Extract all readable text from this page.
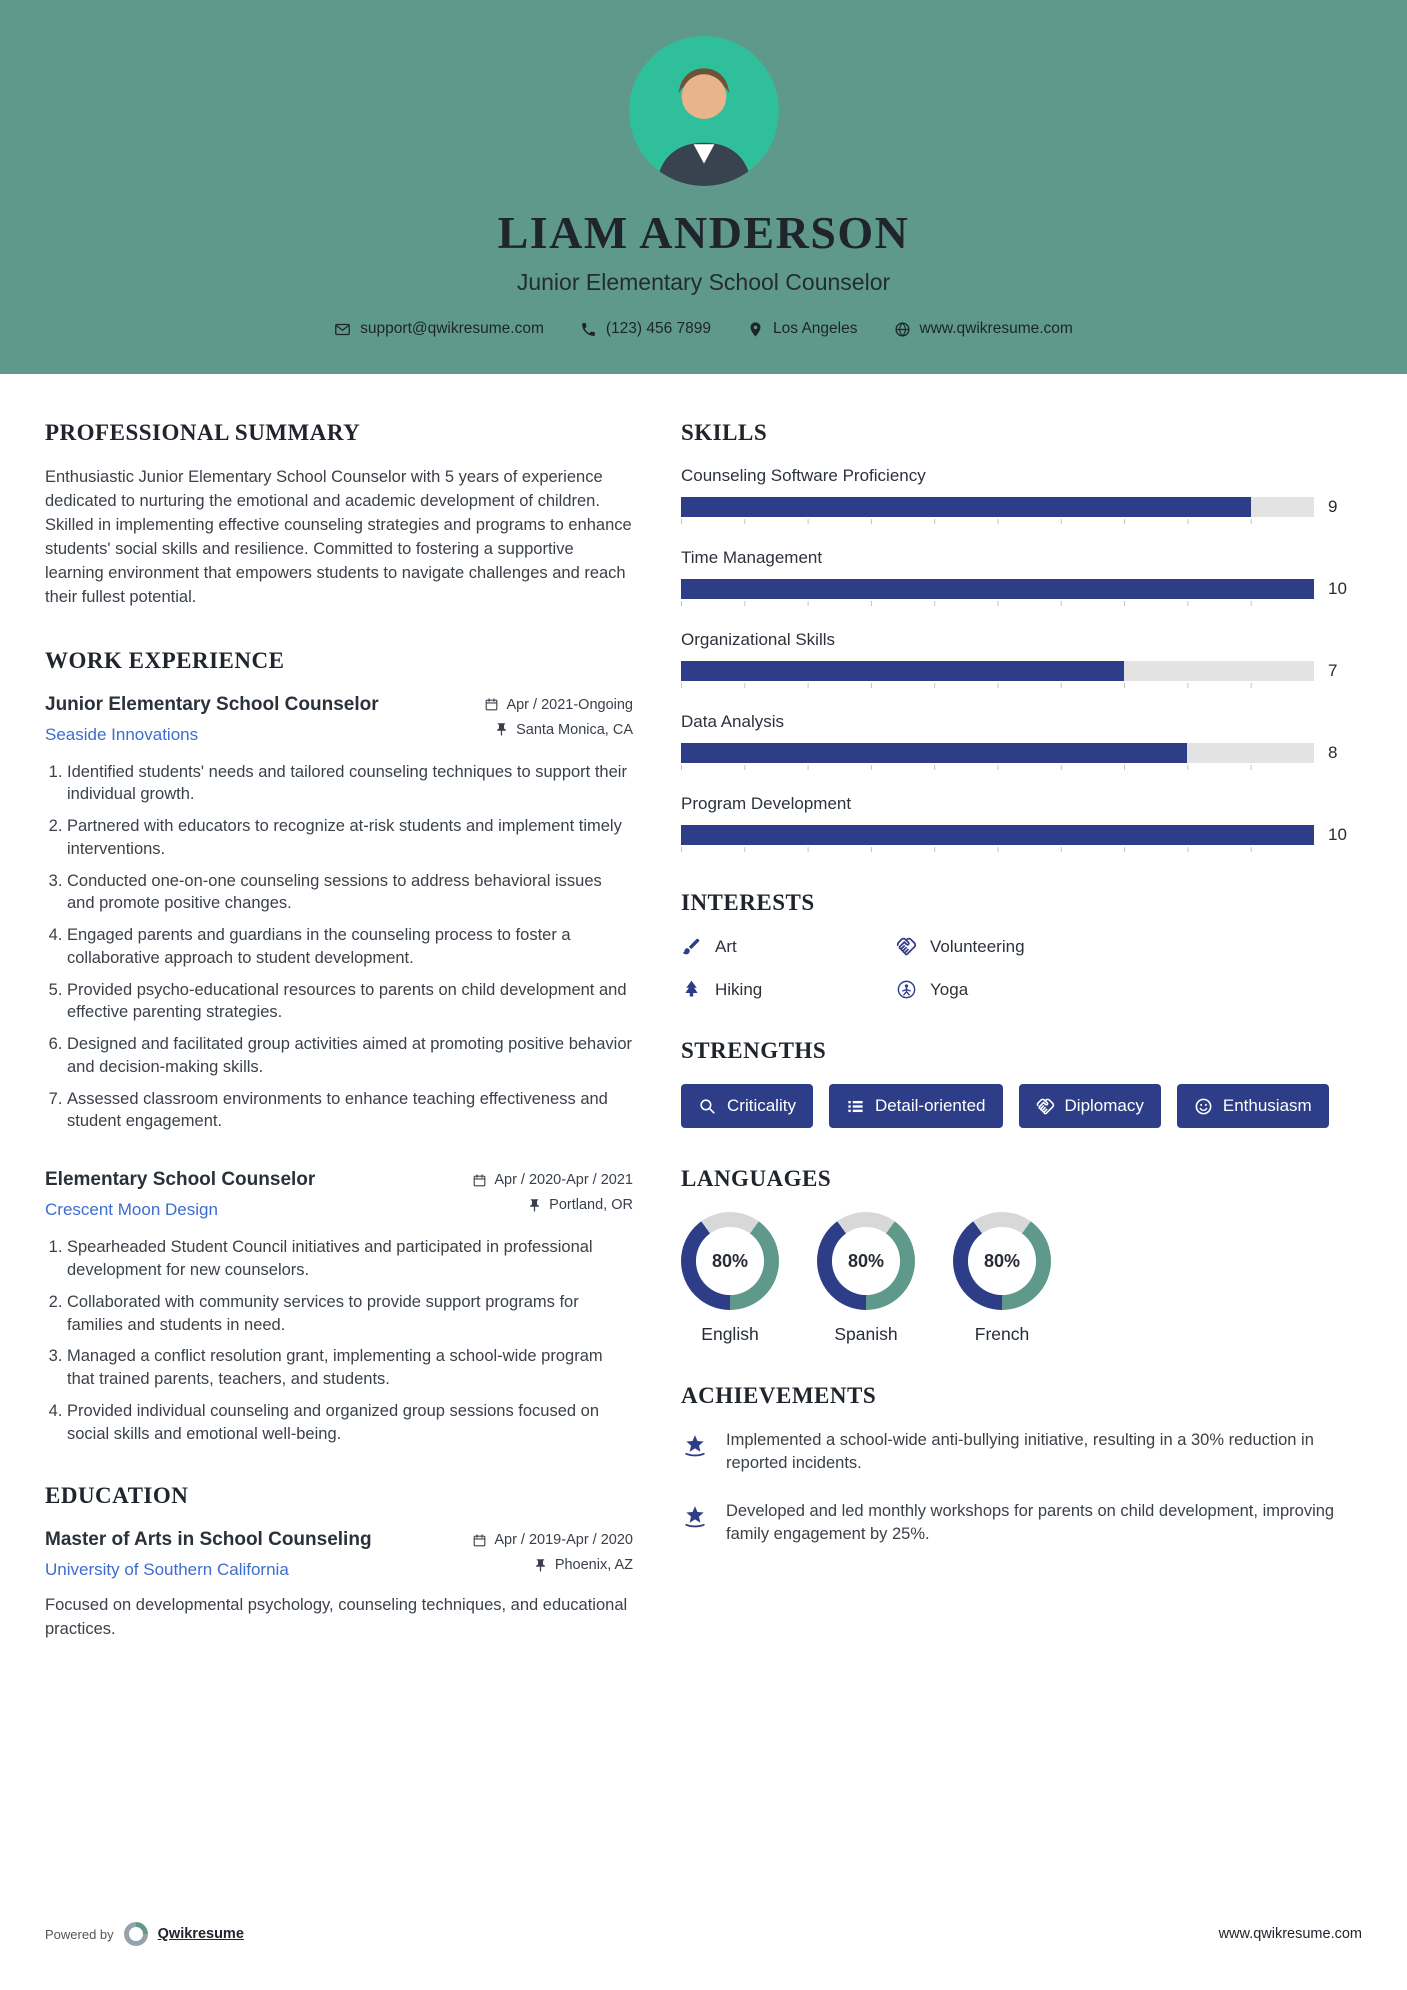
LIAM ANDERSON
Junior Elementary School Counselor
support@qwikresume.com	(123) 456 7899	Los Angeles	www.qwikresume.com
PROFESSIONAL SUMMARY

Enthusiastic Junior Elementary School Counselor with 5 years of experience dedicated to nurturing the emotional and academic development of children. Skilled in implementing effective counseling strategies and programs to enhance students' social skills and resilience. Committed to fostering a supportive learning environment that empowers students to navigate challenges and reach their fullest potential.

WORK EXPERIENCE
Junior Elementary School Counselor
Seaside Innovations
Apr / 2021-Ongoing
Santa Monica, CA
1. Identified students' needs and tailored counseling techniques to support their individual growth.
2. Partnered with educators to recognize at-risk students and implement timely interventions.
3. Conducted one-on-one counseling sessions to address behavioral issues and promote positive changes.
4. Engaged parents and guardians in the counseling process to foster a collaborative approach to student development.
5. Provided psycho-educational resources to parents on child development and effective parenting strategies.
6. Designed and facilitated group activities aimed at promoting positive behavior and decision-making skills.
7. Assessed classroom environments to enhance teaching effectiveness and student engagement.
Elementary School Counselor
Crescent Moon Design
Apr / 2020-Apr / 2021
Portland, OR
1. Spearheaded Student Council initiatives and participated in professional development for new counselors.
2. Collaborated with community services to provide support programs for families and students in need.
3. Managed a conflict resolution grant, implementing a school-wide program that trained parents, teachers, and students.
4. Provided individual counseling and organized group sessions focused on social skills and emotional well-being.
EDUCATION
Master of Arts in School Counseling
University of Southern California
Apr / 2019-Apr / 2020
Phoenix, AZ

Focused on developmental psychology, counseling techniques, and educational practices.

SKILLS
Counseling Software Proficiency
9
Time Management
10
Organizational Skills
7
Data Analysis
8
Program Development
10
INTERESTS
Art	Volunteering
Hiking	Yoga
STRENGTHS
Criticality	Detail-oriented	Diplomacy	Enthusiasm
LANGUAGES
80%
English
80%
Spanish
80%
French
ACHIEVEMENTS

Implemented a school-wide anti-bullying initiative, resulting in a 30% reduction in reported incidents.

Developed and led monthly workshops for parents on child development, improving family engagement by 25%.

Powered by	Qwikresume	www.qwikresume.com
